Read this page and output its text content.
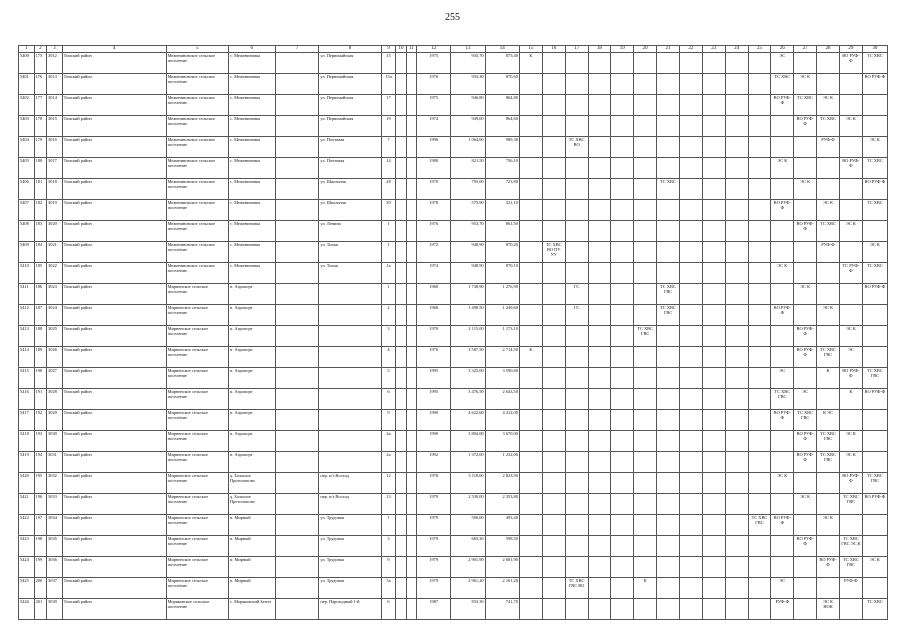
255
1	2	3	4	5	6	7	8	9	10	11	12	13	14	15	16	17	18	19	20	21	22	23	24	25	26	27	28	29	30
5400	175	3012	Томский район	Межениновское сельское поселение	с. Межениновка		ул. Первомайская	15			1975	935,70	875,40	К											ЭС			ВО РУФ-Ф	ТС ХВС
5401	176	3013	Томский район	Межениновское сельское поселение	с. Межениновка		ул. Первомайская	15а			1976	933,30	870,60												ТС ХВС	ЭС К			ВО РУФ-Ф
5402	177	3014	Томский район	Межениновское сельское поселение	с. Межениновка		ул. Первомайская	17			1975	946,80	864,80												ВО РУФ-Ф	ТС ХВС	ЭС К		
5403	178	3015	Томский район	Межениновское сельское поселение	с. Межениновка		ул. Первомайская	19			1974	949,00	864,60													ВО РУФ-Ф	ТС ХВС	ЭС К	
5404	179	3016	Томский район	Межениновское сельское поселение	с. Межениновка		ул. Почтовая	7			1996	1 064,00	989,30			ТС ХВС ВО											РУФ-Ф		ЭС К
5405	180	3017	Томский район	Межениновское сельское поселение	с. Межениновка		ул. Почтовая	14			1980	821,50	756,10												ЭС К			ВО РУФ-Ф	ТС ХВС
5406	181	3018	Томский район	Межениновское сельское поселение	с. Межениновка		ул. Школьная	28			1970	795,00	723,80							ТС ХВС						ЭС К			ВО РУФ-Ф
5407	182	3019	Томский район	Межениновское сельское поселение	с. Межениновка		ул. Школьная	30			1978	575,90	521,10												ВО РУФ-Ф		ЭС К		ТС ХВС
5408	183	3020	Томский район	Межениновское сельское поселение	с. Межениновка		ул. Ленина	1			1976	953,70	861,50													ВО РУФ-Ф	ТС ХВС	ЭС К	
5409	184	3021	Томский район	Межениновское сельское поселение	с. Межениновка		ул. Тихая	1			1972	948,90	870,20		ТС ХВС ВО ПУ УУ												РУФ-Ф		ЭС К
5410	185	3022	Томский район	Межениновское сельское поселение	с. Межениновка		ул. Тихая	1а			1974	948,90	870,10												ЭС К			ТС РУФ-Ф	ТС ХВС
5411	186	3023	Томский район	Мирненское сельское поселение	п. Аэропорт			1			1968	1 738,90	1 276,90			ГС				ТС ХВС ГВС						ЭС К			ВО РУФ-Ф
5412	187	3024	Томский район	Мирненское сельское поселение	п. Аэропорт			2			1968	1 498,50	1 249,60			ГС				ТС ХВС ГВС					ВО РУФ-Ф		ЭС К		
5413	188	3025	Томский район	Мирненское сельское поселение	п. Аэропорт			3			1970	2 115,00	1 173,10						ТС ХВС ГВС							ВО РУФ-Ф		ЭС К	
5414	189	3026	Томский район	Мирненское сельское поселение	п. Аэропорт			4			1976	3 587,50	2 714,50	К												ВО РУФ-Ф	ТС ХВС ГВС	ЭС	
5415	190	3027	Томский район	Мирненское сельское поселение	п. Аэропорт			5			1995	3 325,00	3 590,60												ЭС		К	ВО РУФ-Ф	ТС ХВС ГВС
5416	191	3028	Томский район	Мирненское сельское поселение	п. Аэропорт			6			1995	3 476,50	2 643,50												ТС ХВС ГВС	ЭС		К	ВО РУФ-Ф
5417	192	3029	Томский район	Мирненское сельское поселение	п. Аэропорт			9			1990	4 622,60	4 412,00												ВО РУФ-Ф	ТС ХВС ГВС	К ЭС		
5418	193	3030	Томский район	Мирненское сельское поселение	п. Аэропорт			4а			1990	3 804,00	3 670,00													ВО РУФ-Ф	ТС ХВС ГВС	ЭС К	
5419	194	3031	Томский район	Мирненское сельское поселение	п. Аэропорт			2а			1992	1 372,00	1 232,00													ВО РУФ-Ф	ТС ХВС ГВС	ЭС К	
5420	195	3032	Томский район	Мирненское сельское поселение	д. Большое Протопопово		пер. п/з Восход	12			1978	3 118,00	2 823,90												ЭС К			ВО РУФ-Ф	ТС ХВС ГВС
5421	196	3033	Томский район	Мирненское сельское поселение	д. Большое Протопопово		пер. п/з Восход	13			1979	2 530,00	2 353,80													ЭС К		ТС ХВС ГВС	ВО РУФ-Ф
5422	197	3034	Томский район	Мирненское сельское поселение	п. Мирный		ул. Трудовая	1			1979	500,00	493,40											ТС ХВС ГВС	ВО РУФ-Ф		ЭС К		
5423	198	3035	Томский район	Мирненское сельское поселение	п. Мирный		ул. Трудовая	3			1979	665,30	598,50													ВО РУФ-Ф		ТС ХВС ГВС ЭС К	
5424	199	3036	Томский район	Мирненское сельское поселение	п. Мирный		ул. Трудовая	9			1979	2 901,90	2 681,90														ВО РУФ-Ф	ТС ХВС ГВС	ЭС К
5425	200	3037	Томский район	Мирненское сельское поселение	п. Мирный		ул. Трудовая	5а			1979	2 961,20	2 161,20			ТС ХВС ГВС ВО			К						ЭС			РУФ-Ф	
5426	201	3039	Томский район	Моряковское сельское поселение	с. Моряковский Затон		пер. Пароходный 1-й	6			1987	833,30	741,70												РУФ-Ф		ЭС К НОК		ТС ХВС
